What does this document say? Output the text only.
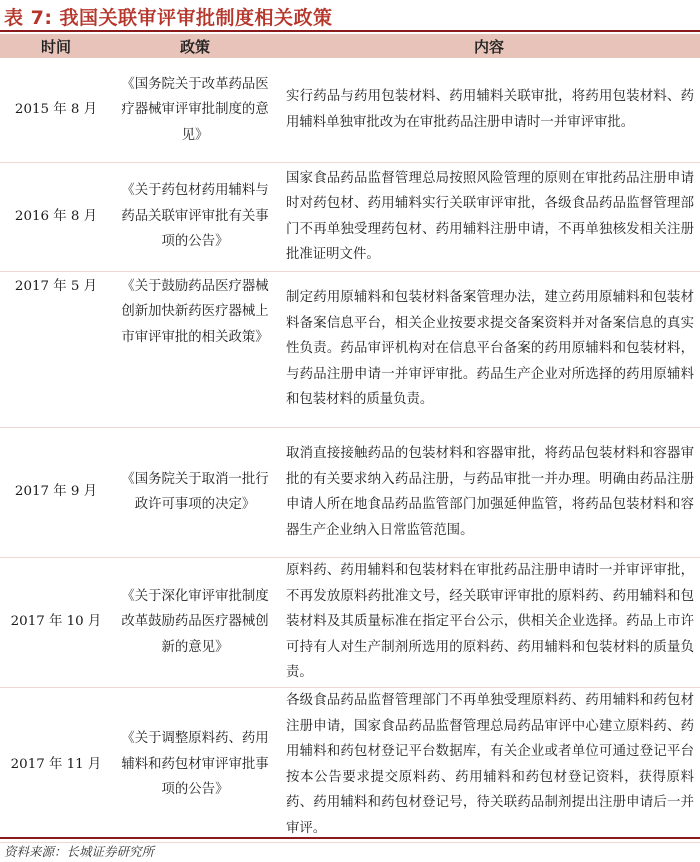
表 7: 我国关联审评审批制度相关政策
时间	政策	内容
2015 年 8 月	《国务院关于改革药品医疗器械审评审批制度的意见》	实行药品与药用包装材料、药用辅料关联审批，将药用包装材料、药用辅料单独审批改为在审批药品注册申请时一并审评审批。
2016 年 8 月	《关于药包材药用辅料与药品关联审评审批有关事项的公告》	国家食品药品监督管理总局按照风险管理的原则在审批药品注册申请时对药包材、药用辅料实行关联审评审批，各级食品药品监督管理部门不再单独受理药包材、药用辅料注册申请，不再单独核发相关注册批准证明文件。
2017 年 5 月	《关于鼓励药品医疗器械创新加快新药医疗器械上市审评审批的相关政策》	制定药用原辅料和包装材料备案管理办法，建立药用原辅料和包装材料备案信息平台，相关企业按要求提交备案资料并对备案信息的真实性负责。药品审评机构对在信息平台备案的药用原辅料和包装材料，与药品注册申请一并审评审批。药品生产企业对所选择的药用原辅料和包装材料的质量负责。
2017 年 9 月	《国务院关于取消一批行政许可事项的决定》	取消直接接触药品的包装材料和容器审批，将药品包装材料和容器审批的有关要求纳入药品注册，与药品审批一并办理。明确由药品注册申请人所在地食品药品监管部门加强延伸监管，将药品包装材料和容器生产企业纳入日常监管范围。
2017 年 10 月	《关于深化审评审批制度改革鼓励药品医疗器械创新的意见》	原料药、药用辅料和包装材料在审批药品注册申请时一并审评审批，不再发放原料药批准文号，经关联审评审批的原料药、药用辅料和包装材料及其质量标准在指定平台公示，供相关企业选择。药品上市许可持有人对生产制剂所选用的原料药、药用辅料和包装材料的质量负责。
2017 年 11 月	《关于调整原料药、药用辅料和药包材审评审批事项的公告》	各级食品药品监督管理部门不再单独受理原料药、药用辅料和药包材注册申请，国家食品药品监督管理总局药品审评中心建立原料药、药用辅料和药包材登记平台数据库，有关企业或者单位可通过登记平台按本公告要求提交原料药、药用辅料和药包材登记资料，获得原料药、药用辅料和药包材登记号，待关联药品制剂提出注册申请后一并审评。
资料来源：长城证券研究所
